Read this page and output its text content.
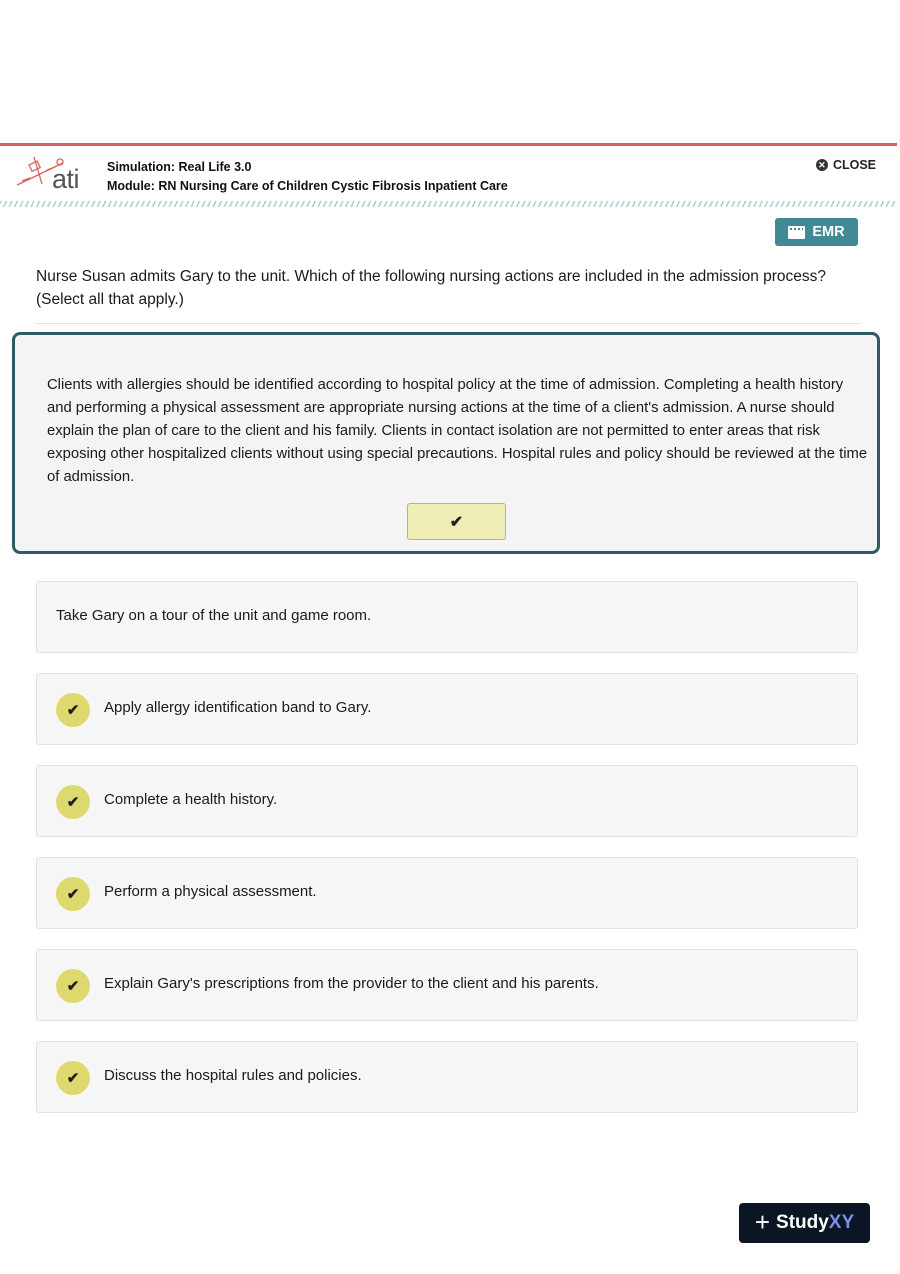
ati Simulation: Real Life 3.0
Module: RN Nursing Care of Children Cystic Fibrosis Inpatient Care
✕ CLOSE
EMR
Nurse Susan admits Gary to the unit. Which of the following nursing actions are included in the admission process?
(Select all that apply.)
Clients with allergies should be identified according to hospital policy at the time of admission. Completing a health history and performing a physical assessment are appropriate nursing actions at the time of a client's admission. A nurse should explain the plan of care to the client and his family. Clients in contact isolation are not permitted to enter areas that risk exposing other hospitalized clients without using special precautions. Hospital rules and policy should be reviewed at the time of admission.
✔
Take Gary on a tour of the unit and game room.
✔	Apply allergy identification band to Gary.
✔	Complete a health history.
✔	Perform a physical assessment.
✔	Explain Gary's prescriptions from the provider to the client and his parents.
✔	Discuss the hospital rules and policies.
+ StudyXY
